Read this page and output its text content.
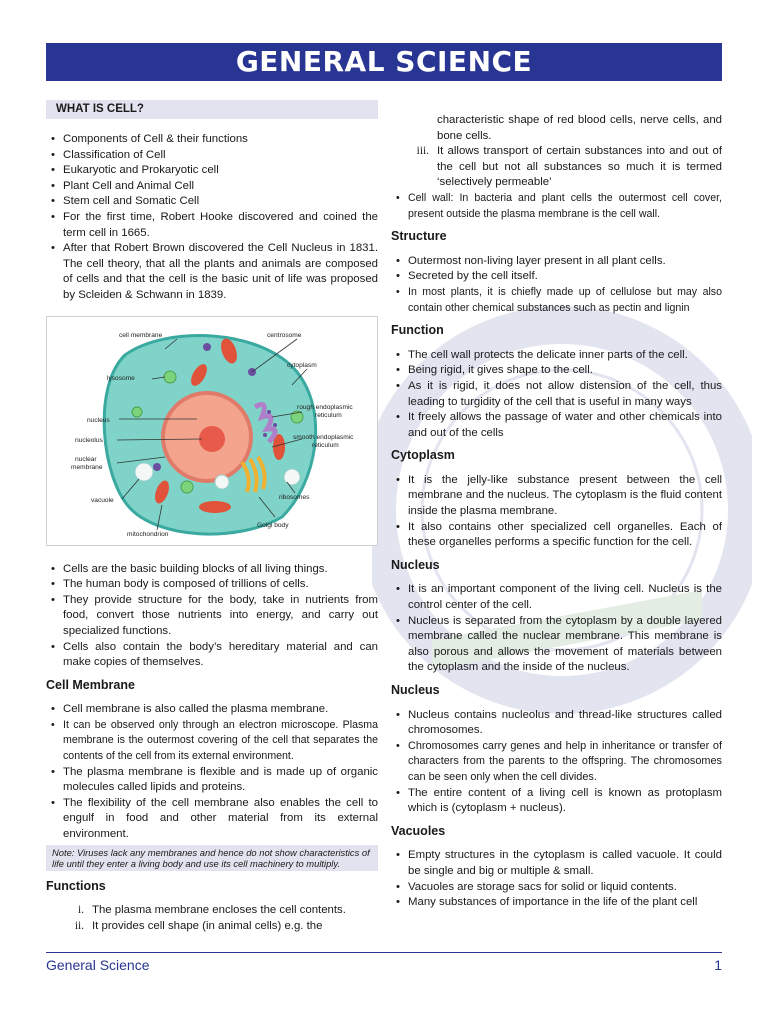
GENERAL SCIENCE
WHAT IS CELL?
• Components of Cell & their functions
• Classification of Cell
• Eukaryotic and Prokaryotic cell
• Plant Cell and Animal Cell
• Stem cell and Somatic Cell
• For the first time, Robert Hooke discovered and coined the term cell in 1665.
• After that Robert Brown discovered the Cell Nucleus in 1831. The cell theory, that all the plants and animals are composed of cells and that the cell is the basic unit of life was proposed by Scleiden & Schwann in 1839.
cell membrane	centrosome
cytoplasm
lysosome
rough endoplasmic
reticulum
nucleus
nucleolus	smooth endoplasmic
reticulum
nuclear
membrane
ribosomes
vacuole
Golgi body
mitochondrion
• Cells are the basic building blocks of all living things.
• The human body is composed of trillions of cells.
• They provide structure for the body, take in nutrients from food, convert those nutrients into energy, and carry out specialized functions.
• Cells also contain the body’s hereditary material and can make copies of themselves.
Cell Membrane
• Cell membrane is also called the plasma membrane.
• It can be observed only through an electron microscope. Plasma membrane is the outermost covering of the cell that separates the contents of the cell from its external environment.
• The plasma membrane is flexible and is made up of organic molecules called lipids and proteins.
• The flexibility of the cell membrane also enables the cell to engulf in food and other material from its external environment.
Note: Viruses lack any membranes and hence do not show characteristics of life until they enter a living body and use its cell machinery to multiply.
Functions
i. The plasma membrane encloses the cell contents.
ii. It provides cell shape (in animal cells) e.g. the
characteristic shape of red blood cells, nerve cells, and bone cells.
iii. It allows transport of certain substances into and out of the cell but not all substances so much it is termed ‘selectively permeable’
• Cell wall: In bacteria and plant cells the outermost cell cover, present outside the plasma membrane is the cell wall.
Structure
• Outermost non-living layer present in all plant cells.
• Secreted by the cell itself.
• In most plants, it is chiefly made up of cellulose but may also contain other chemical substances such as pectin and lignin
Function
• The cell wall protects the delicate inner parts of the cell.
• Being rigid, it gives shape to the cell.
• As it is rigid, it does not allow distension of the cell, thus leading to turgidity of the cell that is useful in many ways
• It freely allows the passage of water and other chemicals into and out of the cells
Cytoplasm
• It is the jelly-like substance present between the cell membrane and the nucleus. The cytoplasm is the fluid content inside the plasma membrane.
• It also contains other specialized cell organelles. Each of these organelles performs a specific function for the cell.
Nucleus
• It is an important component of the living cell. Nucleus is the control center of the cell.
• Nucleus is separated from the cytoplasm by a double layered membrane called the nuclear membrane. This membrane is also porous and allows the movement of materials between the cytoplasm and the inside of the nucleus.
Nucleus
• Nucleus contains nucleolus and thread-like structures called chromosomes.
• Chromosomes carry genes and help in inheritance or transfer of characters from the parents to the offspring. The chromosomes can be seen only when the cell divides.
• The entire content of a living cell is known as protoplasm which is (cytoplasm + nucleus).
Vacuoles
• Empty structures in the cytoplasm is called vacuole. It could be single and big or multiple & small.
• Vacuoles are storage sacs for solid or liquid contents.
• Many substances of importance in the life of the plant cell
General Science	1
